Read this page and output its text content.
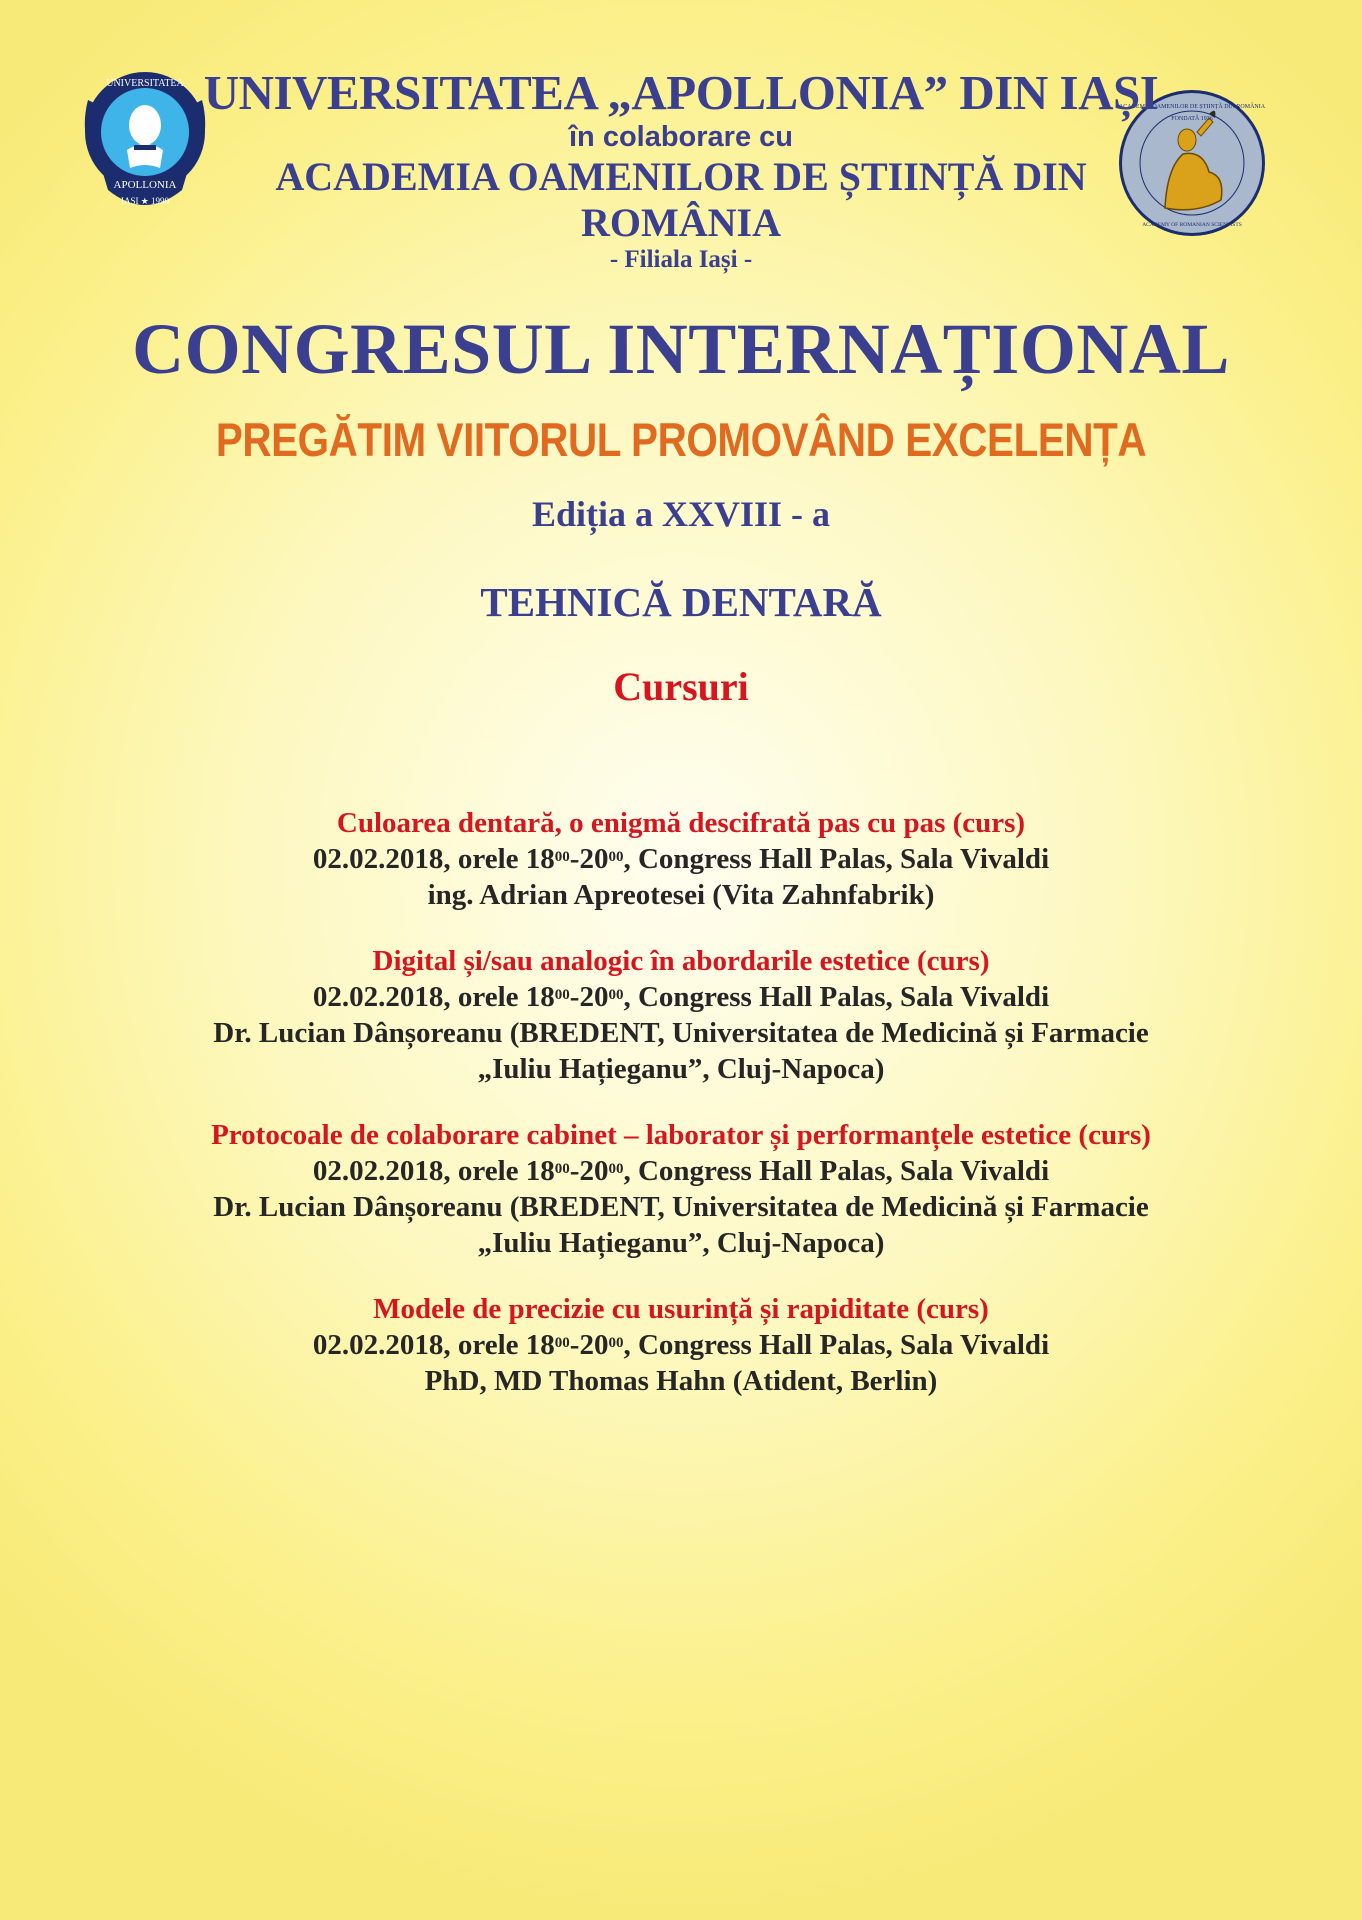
UNIVERSITATEA
APOLLONIA
IAȘI ★ 1990
ACADEMIA OAMENILOR DE ȘTIINȚĂ DIN ROMÂNIA
FONDATĂ 1936
ACADEMY OF ROMANIAN SCIENTISTS
UNIVERSITATEA „APOLLONIA” DIN IAȘI
în colaborare cu
ACADEMIA OAMENILOR DE ȘTIINȚĂ DIN
ROMÂNIA
- Filiala Iași -
CONGRESUL INTERNAȚIONAL
PREGĂTIM VIITORUL PROMOVÂND EXCELENȚA
Ediția a XXVIII - a
TEHNICĂ DENTARĂ
Cursuri

Culoarea dentară, o enigmă descifrată pas cu pas (curs)

02.02.2018, orele $18^{00}-20^{00}$, Congress Hall Palas, Sala Vivaldi

ing. Adrian Apreotesei (Vita Zahnfabrik)

Digital și/sau analogic în abordarile estetice (curs)

02.02.2018, orele $18^{00}-20^{00}$, Congress Hall Palas, Sala Vivaldi

Dr. Lucian Dânșoreanu (BREDENT, Universitatea de Medicină și Farmacie

„Iuliu Hațieganu”, Cluj-Napoca)

Protocoale de colaborare cabinet – laborator și performanțele estetice (curs)

02.02.2018, orele $18^{00}-20^{00}$, Congress Hall Palas, Sala Vivaldi

Dr. Lucian Dânșoreanu (BREDENT, Universitatea de Medicină și Farmacie

„Iuliu Hațieganu”, Cluj-Napoca)

Modele de precizie cu usurință și rapiditate (curs)

02.02.2018, orele $18^{00}-20^{00}$, Congress Hall Palas, Sala Vivaldi

PhD, MD Thomas Hahn (Atident, Berlin)
